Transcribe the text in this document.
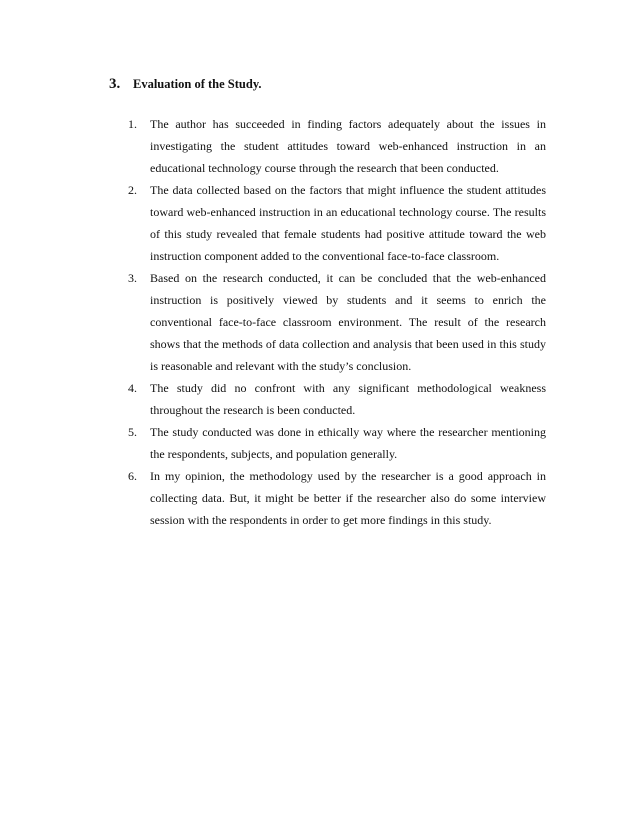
3.	Evaluation of the Study.
1.	The author has succeeded in finding factors adequately about the issues in investigating the student attitudes toward web-enhanced instruction in an educational technology course through the research that been conducted.
2.	The data collected based on the factors that might influence the student attitudes toward web-enhanced instruction in an educational technology course. The results of this study revealed that female students had positive attitude toward the web instruction component added to the conventional face-to-face classroom.
3.	Based on the research conducted, it can be concluded that the web-enhanced instruction is positively viewed by students and it seems to enrich the conventional face-to-face classroom environment. The result of the research shows that the methods of data collection and analysis that been used in this study is reasonable and relevant with the study’s conclusion.
4.	The study did no confront with any significant methodological weakness throughout the research is been conducted.
5.	The study conducted was done in ethically way where the researcher mentioning the respondents, subjects, and population generally.
6.	In my opinion, the methodology used by the researcher is a good approach in collecting data. But, it might be better if the researcher also do some interview session with the respondents in order to get more findings in this study.
